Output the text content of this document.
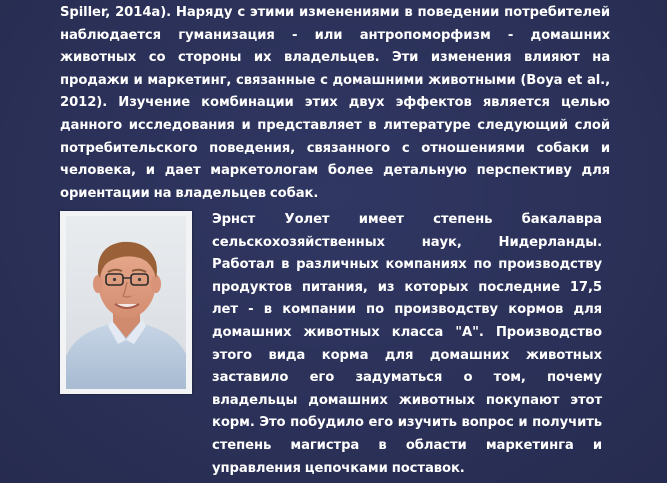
Spiller, 2014a). Наряду с этими изменениями в поведении потребителей наблюдается гуманизация - или антропоморфизм - домашних животных со стороны их владельцев. Эти изменения влияют на продажи и маркетинг, связанные с домашними животными (Boya et al., 2012). Изучение комбинации этих двух эффектов является целью данного исследования и представляет в литературе следующий слой потребительского поведения, связанного с отношениями собаки и человека, и дает маркетологам более детальную перспективу для ориентации на владельцев собак.

Эрнст Уолет имеет степень бакалавра сельскохозяйственных наук, Нидерланды. Работал в различных компаниях по производству продуктов питания, из которых последние 17,5 лет - в компании по производству кормов для домашних животных класса "А". Производство этого вида корма для домашних животных заставило его задуматься о том, почему владельцы домашних животных покупают этот корм. Это побудило его изучить вопрос и получить степень магистра в области маркетинга и управления цепочками поставок.
